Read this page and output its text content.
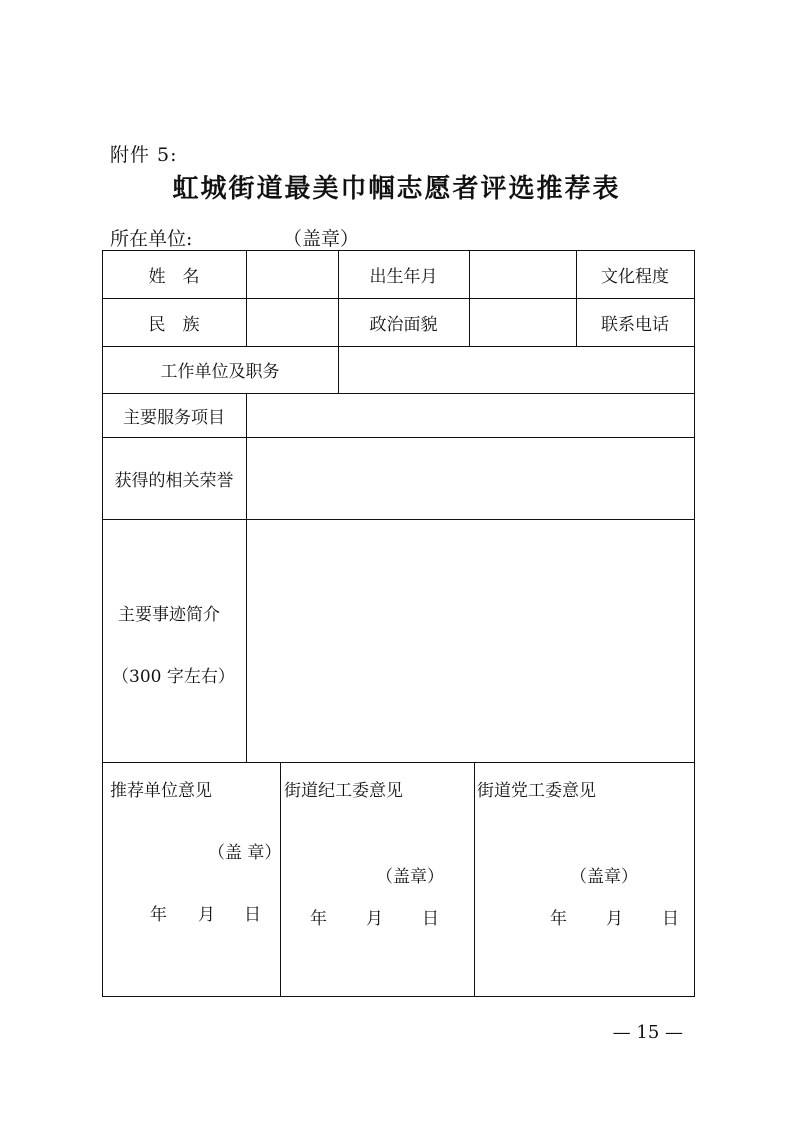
附件 5:
虹城街道最美巾帼志愿者评选推荐表
所在单位:	（盖章）
姓　名	出生年月	文化程度
民　族	政治面貌	联系电话
工作单位及职务
主要服务项目
获得的相关荣誉
主要事迹简介
（300 字左右）
推荐单位意见
（盖 章）
年 月 日
街道纪工委意见
（盖章）
年 月 日
街道党工委意见
（盖章）
年 月 日
— 15 —
